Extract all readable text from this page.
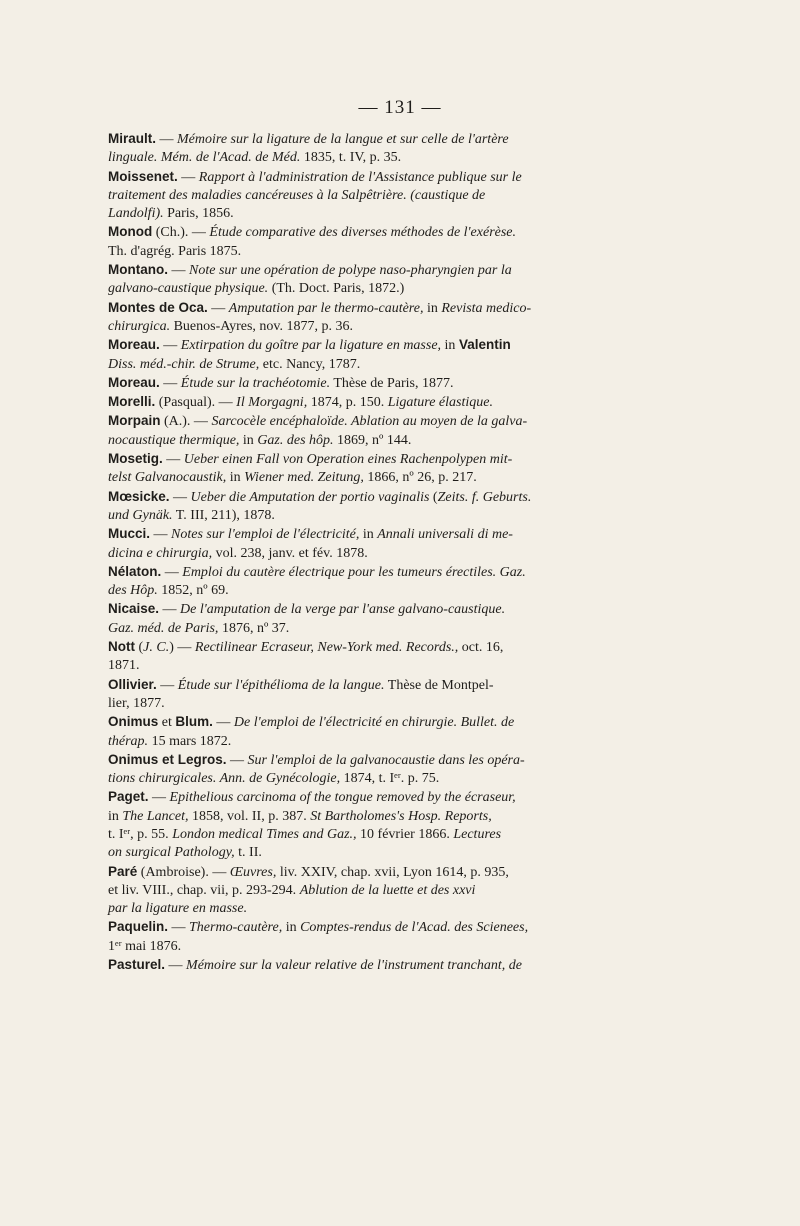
— 131 —
Mirault. — Mémoire sur la ligature de la langue et sur celle de l'artère
linguale. Mém. de l'Acad. de Méd. 1835, t. IV, p. 35.
Moissenet. — Rapport à l'administration de l'Assistance publique sur le
traitement des maladies cancéreuses à la Salpêtrière. (caustique de
Landolfi). Paris, 1856.
Monod (Ch.). — Étude comparative des diverses méthodes de l'exérèse.
Th. d'agrég. Paris 1875.
Montano. — Note sur une opération de polype naso-pharyngien par la
galvano-caustique physique. (Th. Doct. Paris, 1872.)
Montes de Oca. — Amputation par le thermo-cautère, in Revista medico-
chirurgica. Buenos-Ayres, nov. 1877, p. 36.
Moreau. — Extirpation du goître par la ligature en masse, in Valentin
Diss. méd.-chir. de Strume, etc. Nancy, 1787.
Moreau. — Étude sur la trachéotomie. Thèse de Paris, 1877.
Morelli. (Pasqual). — Il Morgagni, 1874, p. 150. Ligature élastique.
Morpain (A.). — Sarcocèle encéphaloïde. Ablation au moyen de la galva-
nocaustique thermique, in Gaz. des hôp. 1869, nº 144.
Mosetig. — Ueber einen Fall von Operation eines Rachenpolypen mit-
telst Galvanocaustik, in Wiener med. Zeitung, 1866, nº 26, p. 217.
Mœsicke. — Ueber die Amputation der portio vaginalis (Zeits. f. Geburts.
und Gynäk. T. III, 211), 1878.
Mucci. — Notes sur l'emploi de l'électricité, in Annali universali di me-
dicina e chirurgia, vol. 238, janv. et fév. 1878.
Nélaton. — Emploi du cautère électrique pour les tumeurs érectiles. Gaz.
des Hôp. 1852, nº 69.
Nicaise. — De l'amputation de la verge par l'anse galvano-caustique.
Gaz. méd. de Paris, 1876, nº 37.
Nott (J. C.) — Rectilinear Ecraseur, New-York med. Records., oct. 16,
1871.
Ollivier. — Étude sur l'épithélioma de la langue. Thèse de Montpel-
lier, 1877.
Onimus et Blum. — De l'emploi de l'électricité en chirurgie. Bullet. de
thérap. 15 mars 1872.
Onimus et Legros. — Sur l'emploi de la galvanocaustie dans les opéra-
tions chirurgicales. Ann. de Gynécologie, 1874, t. Iᵉʳ. p. 75.
Paget. — Epithelious carcinoma of the tongue removed by the écraseur,
in The Lancet, 1858, vol. II, p. 387. St Bartholomes's Hosp. Reports,
t. Iᵉʳ, p. 55. London medical Times and Gaz., 10 février 1866. Lectures
on surgical Pathology, t. II.
Paré (Ambroise). — Œuvres, liv. XXIV, chap. xvii, Lyon 1614, p. 935,
et liv. VIII., chap. vii, p. 293-294. Ablution de la luette et des xxvi
par la ligature en masse.
Paquelin. — Thermo-cautère, in Comptes-rendus de l'Acad. des Scienees,
1ᵉʳ mai 1876.
Pasturel. — Mémoire sur la valeur relative de l'instrument tranchant, de
